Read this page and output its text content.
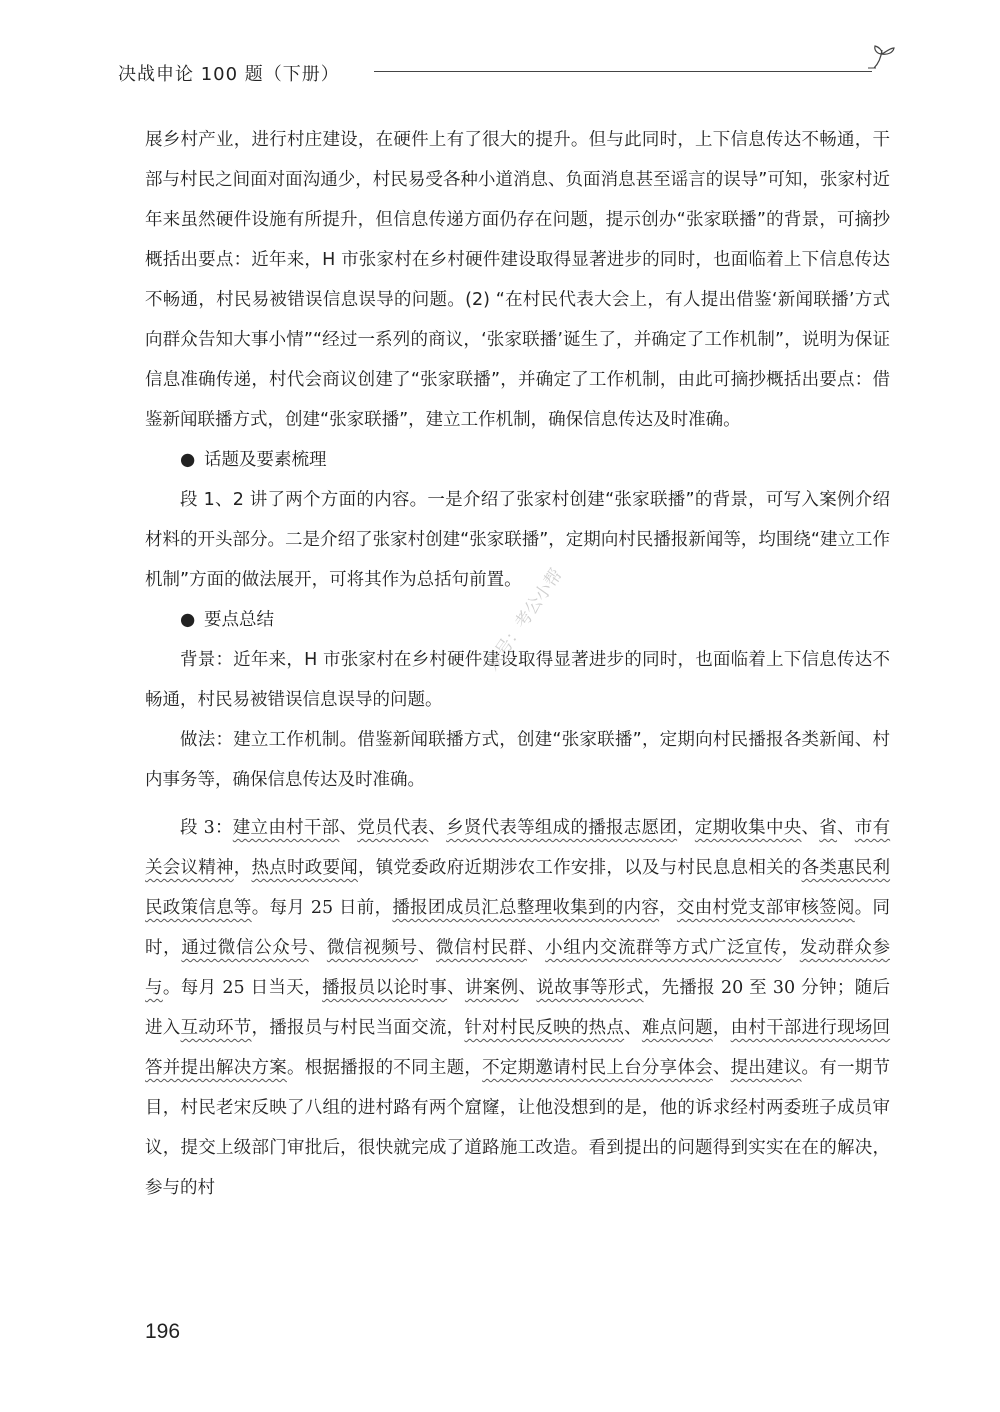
决战申论 100 题（下册）

展乡村产业，进行村庄建设，在硬件上有了很大的提升。但与此同时，上下信息传达不畅通，干部与村民之间面对面沟通少，村民易受各种小道消息、负面消息甚至谣言的误导”可知，张家村近年来虽然硬件设施有所提升，但信息传递方面仍存在问题，提示创办“张家联播”的背景，可摘抄概括出要点：近年来，H 市张家村在乡村硬件建设取得显著进步的同时，也面临着上下信息传达不畅通，村民易被错误信息误导的问题。(2) “在村民代表大会上，有人提出借鉴‘新闻联播’方式向群众告知大事小情”“经过一系列的商议，‘张家联播’诞生了，并确定了工作机制”，说明为保证信息准确传递，村代会商议创建了“张家联播”，并确定了工作机制，由此可摘抄概括出要点：借鉴新闻联播方式，创建“张家联播”，建立工作机制，确保信息传达及时准确。

● 话题及要素梳理

段 1、2 讲了两个方面的内容。一是介绍了张家村创建“张家联播”的背景，可写入案例介绍材料的开头部分。二是介绍了张家村创建“张家联播”，定期向村民播报新闻等，均围绕“建立工作机制”方面的做法展开，可将其作为总括句前置。

● 要点总结

背景：近年来，H 市张家村在乡村硬件建设取得显著进步的同时，也面临着上下信息传达不畅通，村民易被错误信息误导的问题。

做法：建立工作机制。借鉴新闻联播方式，创建“张家联播”，定期向村民播报各类新闻、村内事务等，确保信息传达及时准确。

段 3：建立由村干部、党员代表、乡贤代表等组成的播报志愿团，定期收集中央、省、市有关会议精神，热点时政要闻，镇党委政府近期涉农工作安排，以及与村民息息相关的各类惠民利民政策信息等。每月 25 日前，播报团成员汇总整理收集到的内容，交由村党支部审核签阅。同时，通过微信公众号、微信视频号、微信村民群、小组内交流群等方式广泛宣传，发动群众参与。每月 25 日当天，播报员以论时事、讲案例、说故事等形式，先播报 20 至 30 分钟；随后进入互动环节，播报员与村民当面交流，针对村民反映的热点、难点问题，由村干部进行现场回答并提出解决方案。根据播报的不同主题，不定期邀请村民上台分享体会、提出建议。有一期节目，村民老宋反映了八组的进村路有两个窟窿，让他没想到的是，他的诉求经村两委班子成员审议，提交上级部门审批后，很快就完成了道路施工改造。看到提出的问题得到实实在在的解决，参与的村

众号：考公小帮
196
